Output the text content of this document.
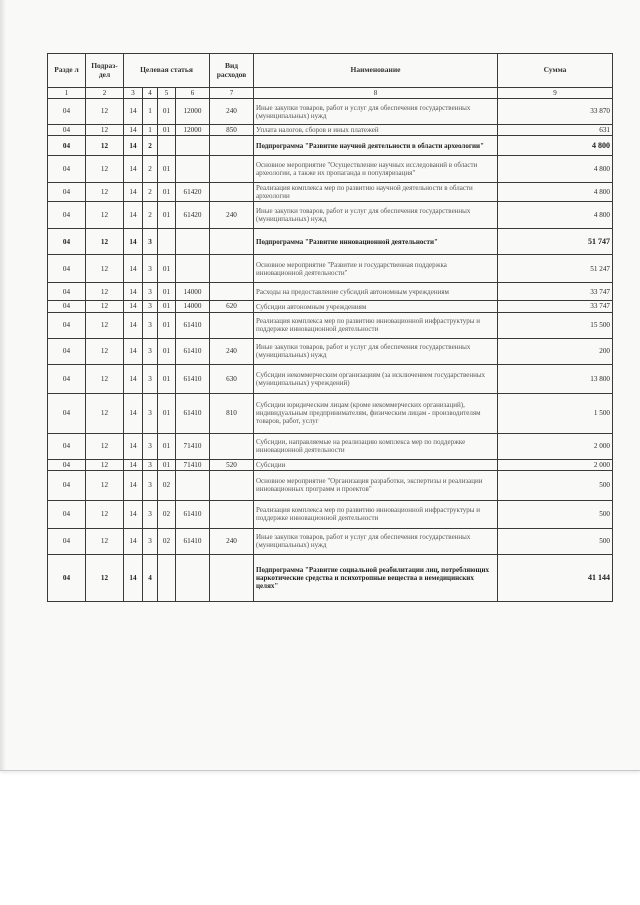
Разде л	Подраз- дел	Целевая статья				Вид расходов	Наименование	Сумма
1	2	3	4	5	6	7	8	9
04	12	14	1	01	12000	240	Иные закупки товаров, работ и услуг для обеспечения государственных (муниципальных) нужд	33 870
04	12	14	1	01	12000	850	Уплата налогов, сборов и иных платежей	631
04	12	14	2				Подпрограмма "Развитие научной деятельности в области археологии"	4 800
04	12	14	2	01			Основное мероприятие "Осуществление научных исследований в области археологии, а также их пропаганда и популяризация"	4 800
04	12	14	2	01	61420		Реализация комплекса мер по развитию научной деятельности в области археологии	4 800
04	12	14	2	01	61420	240	Иные закупки товаров, работ и услуг для обеспечения государственных (муниципальных) нужд	4 800
04	12	14	3				Подпрограмма "Развитие инновационной деятельности"	51 747
04	12	14	3	01			Основное мероприятие "Развитие и государственная поддержка инновационной деятельности"	51 247
04	12	14	3	01	14000		Расходы на предоставление субсидий автономным учреждениям	33 747
04	12	14	3	01	14000	620	Субсидии автономным учреждениям	33 747
04	12	14	3	01	61410		Реализация комплекса мер по развитию инновационной инфраструктуры и поддержке инновационной деятельности	15 500
04	12	14	3	01	61410	240	Иные закупки товаров, работ и услуг для обеспечения государственных (муниципальных) нужд	200
04	12	14	3	01	61410	630	Субсидии некоммерческим организациям (за исключением государственных (муниципальных) учреждений)	13 800
04	12	14	3	01	61410	810	Субсидии юридическим лицам (кроме некоммерческих организаций), индивидуальным предпринимателям, физическим лицам - производителям товаров, работ, услуг	1 500
04	12	14	3	01	71410		Субсидии, направляемые на реализацию комплекса мер по поддержке инновационной деятельности	2 000
04	12	14	3	01	71410	520	Субсидии	2 000
04	12	14	3	02			Основное мероприятие "Организация разработки, экспертизы и реализации инновационных программ и проектов"	500
04	12	14	3	02	61410		Реализация комплекса мер по развитию инновационной инфраструктуры и поддержке инновационной деятельности	500
04	12	14	3	02	61410	240	Иные закупки товаров, работ и услуг для обеспечения государственных (муниципальных) нужд	500
04	12	14	4				Подпрограмма "Развитие социальной реабилитации лиц, потребляющих наркотические средства и психотропные вещества в немедицинских целях"	41 144
